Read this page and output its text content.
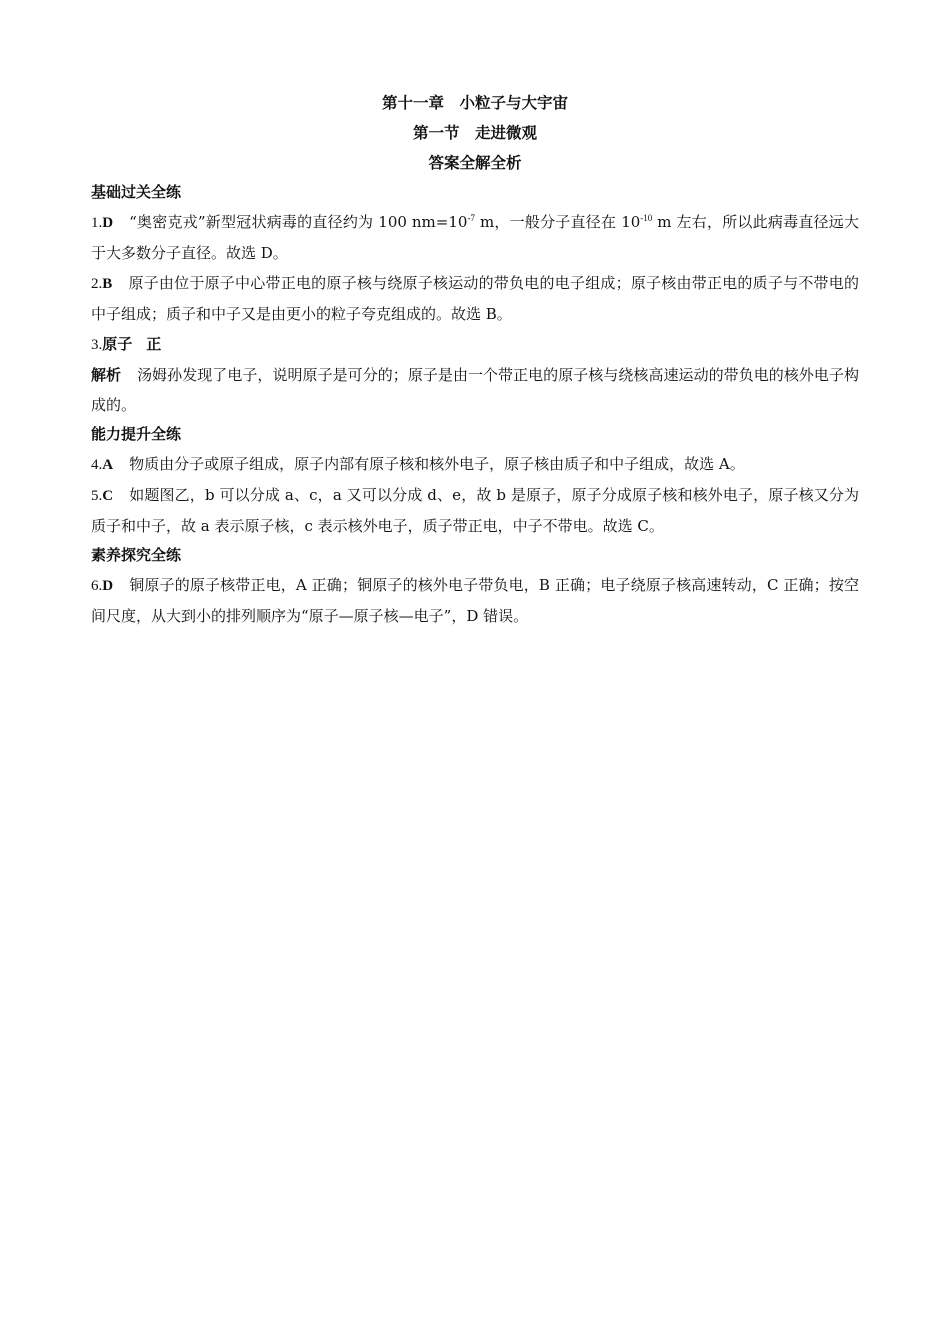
第十一章　小粒子与大宇宙
第一节　走进微观
答案全解全析
基础过关全练

1.D “奥密克戎”新型冠状病毒的直径约为 100 $nm=10^{-7}$ m，一般分子直径在 $10^{-10}$ m 左右，所以此病毒直径远大于大多数分子直径。故选 D。

2.B 原子由位于原子中心带正电的原子核与绕原子核运动的带负电的电子组成；原子核由带正电的质子与不带电的中子组成；质子和中子又是由更小的粒子夸克组成的。故选 B。

3.原子 正

解析 汤姆孙发现了电子，说明原子是可分的；原子是由一个带正电的原子核与绕核高速运动的带负电的核外电子构成的。

能力提升全练

4.A 物质由分子或原子组成，原子内部有原子核和核外电子，原子核由质子和中子组成，故选 A。

5.C 如题图乙，b 可以分成 a、c，a 又可以分成 d、e，故 b 是原子，原子分成原子核和核外电子，原子核又分为质子和中子，故 a 表示原子核，c 表示核外电子，质子带正电，中子不带电。故选 C。

素养探究全练

6.D 铜原子的原子核带正电，A 正确；铜原子的核外电子带负电，B 正确；电子绕原子核高速转动，C 正确；按空间尺度，从大到小的排列顺序为“原子—原子核—电子”，D 错误。
